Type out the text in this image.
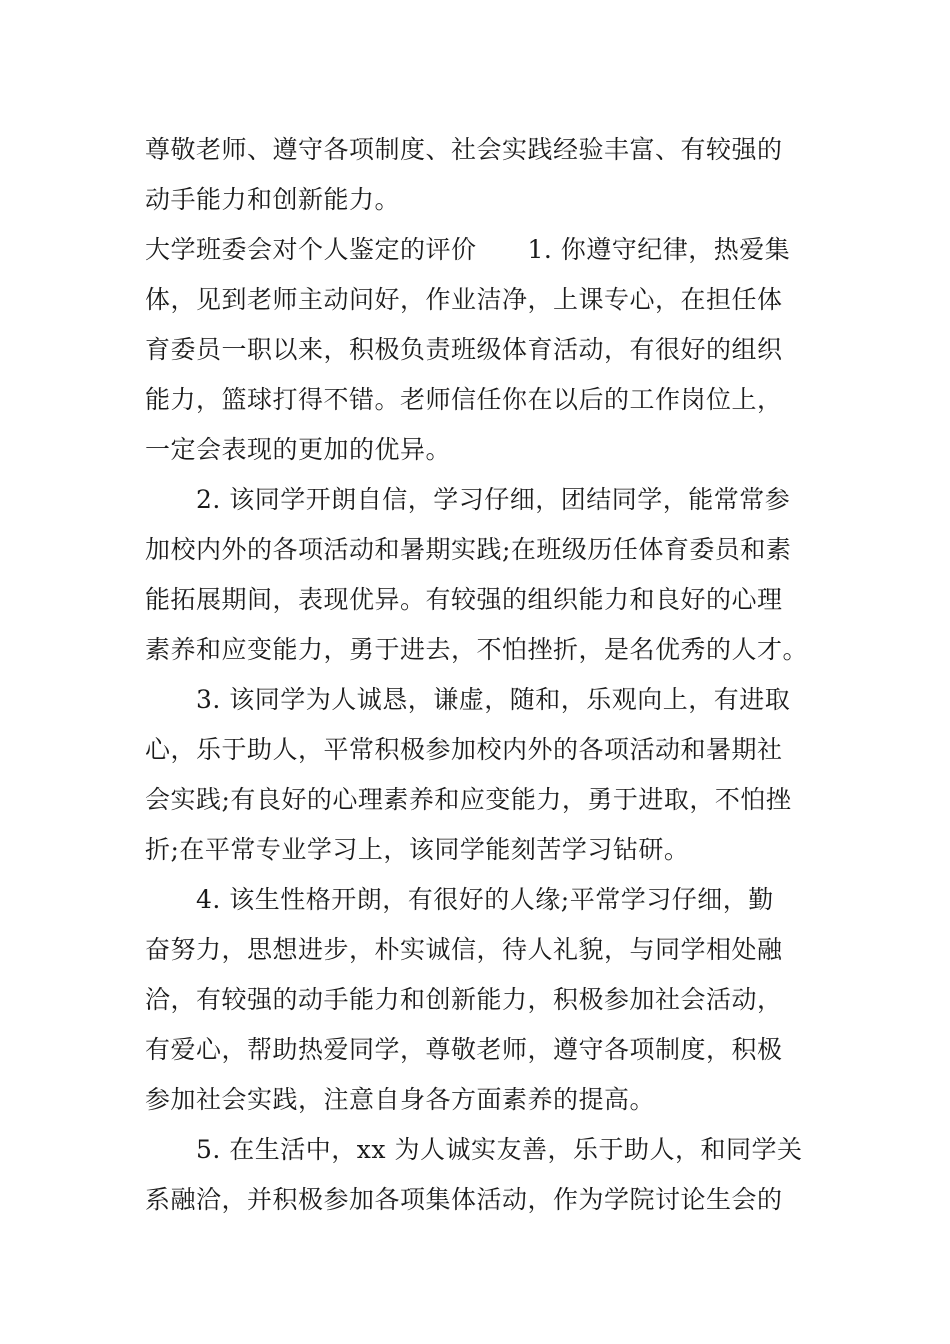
尊敬老师、遵守各项制度、社会实践经验丰富、有较强的
动手能力和创新能力。
大学班委会对个人鉴定的评价　　1. 你遵守纪律，热爱集
体，见到老师主动问好，作业洁净，上课专心，在担任体
育委员一职以来，积极负责班级体育活动，有很好的组织
能力，篮球打得不错。老师信任你在以后的工作岗位上，
一定会表现的更加的优异。
2. 该同学开朗自信，学习仔细，团结同学，能常常参
加校内外的各项活动和暑期实践;在班级历任体育委员和素
能拓展期间，表现优异。有较强的组织能力和良好的心理
素养和应变能力，勇于进去，不怕挫折，是名优秀的人才。
3. 该同学为人诚恳，谦虚，随和，乐观向上，有进取
心，乐于助人，平常积极参加校内外的各项活动和暑期社
会实践;有良好的心理素养和应变能力，勇于进取，不怕挫
折;在平常专业学习上，该同学能刻苦学习钻研。
4. 该生性格开朗，有很好的人缘;平常学习仔细，勤
奋努力，思想进步，朴实诚信，待人礼貌，与同学相处融
洽，有较强的动手能力和创新能力，积极参加社会活动，
有爱心，帮助热爱同学，尊敬老师，遵守各项制度，积极
参加社会实践，注意自身各方面素养的提高。
5. 在生活中，xx 为人诚实友善，乐于助人，和同学关
系融洽，并积极参加各项集体活动，作为学院讨论生会的
